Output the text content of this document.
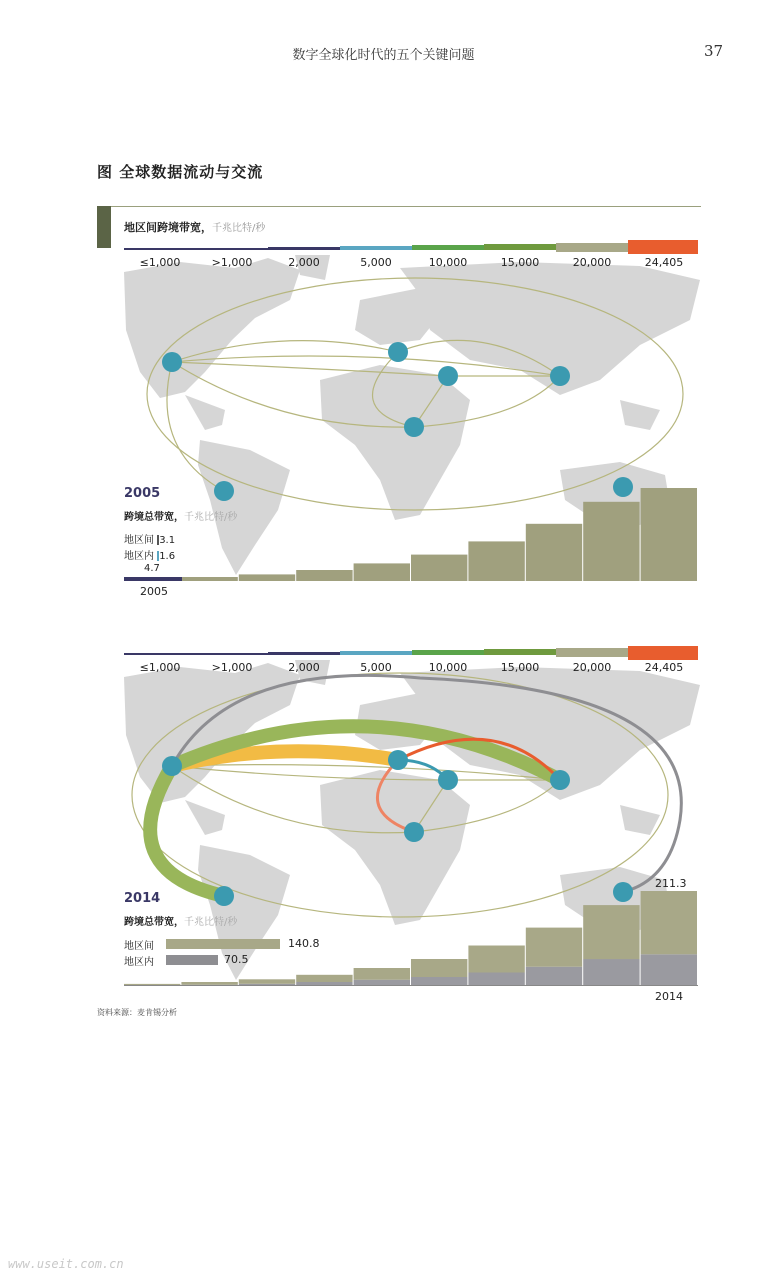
数字全球化时代的五个关键问题	37
图 全球数据流动与交流
地区间跨境带宽，千兆比特/秒
≤1,000	>1,000	2,000	5,000	10,000	15,000	20,000	24,405
2005
跨境总带宽，千兆比特/秒
地区间 3.1
地区内 1.6
4.7
2005
≤1,000	>1,000	2,000	5,000	10,000	15,000	20,000	24,405
2014
跨境总带宽，千兆比特/秒
地区间	140.8
地区内	70.5
211.3
2014
资料来源：麦肯锡分析
www.useit.com.cn
